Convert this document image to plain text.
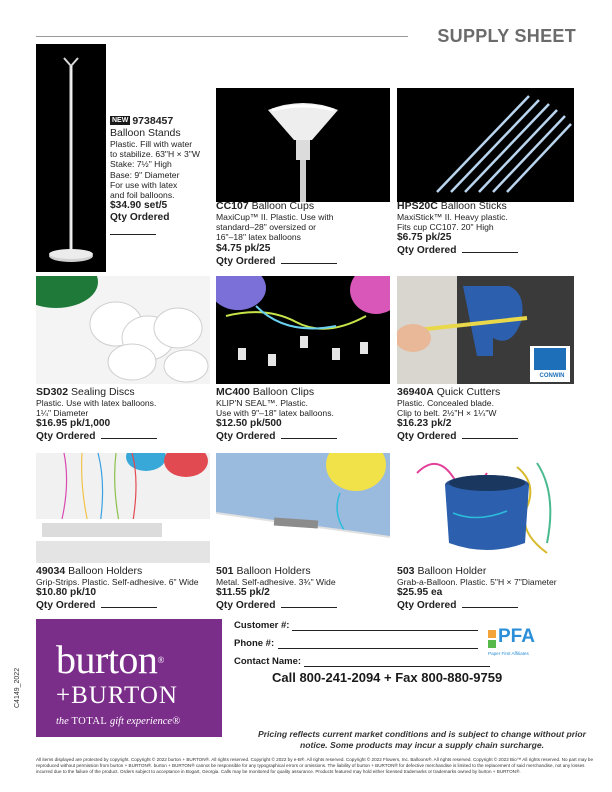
SUPPLY SHEET
CONWIN
NEW 9738457
Balloon Stands
Plastic. Fill with water
to stabilize. 63"H × 3"W
Stake: 7½" High
Base: 9" Diameter
For use with latex
and foil balloons.
$34.90 set/5
Qty Ordered
CC107 Balloon Cups
MaxiCup™ II. Plastic. Use with
standard–28" oversized or
16"–18" latex balloons
$4.75 pk/25
Qty Ordered
HPS20C Balloon Sticks
MaxiStick™ II. Heavy plastic.
Fits cup CC107. 20" High
$6.75 pk/25
Qty Ordered
SD302 Sealing Discs
Plastic. Use with latex balloons.
1¼" Diameter
$16.95 pk/1,000
Qty Ordered
MC400 Balloon Clips
KLIP'N SEAL™. Plastic.
Use with 9"–18" latex balloons.
$12.50 pk/500
Qty Ordered
36940A Quick Cutters
Plastic. Concealed blade.
Clip to belt. 2½"H × 1¼"W
$16.23 pk/2
Qty Ordered
49034 Balloon Holders
Grip-Strips. Plastic. Self-adhesive. 6" Wide
$10.80 pk/10
Qty Ordered
501 Balloon Holders
Metal. Self-adhesive. 3¾" Wide
$11.55 pk/2
Qty Ordered
503 Balloon Holder
Grab-a-Balloon. Plastic. 5"H × 7"Diameter
$25.95 ea
Qty Ordered
burton®
+BURTON
the TOTAL gift experience®
Customer #:
Phone #:
Contact Name:
PFA
Paper First Affiliates
Call 800-241-2094 + Fax 800-880-9759
Pricing reflects current market conditions and is subject to change without prior notice. Some products may incur a supply chain surcharge.
C4149_2022
All items displayed are protected by copyright. Copyright © 2022 burton + BURTON®. All rights reserved. Copyright © 2022 by e-B®. All rights reserved. Copyright © 2022 Flowers, Inc. Balloons®. All rights reserved. Copyright © 2022 Bio™ All rights reserved. No part may be reproduced without permission from burton + BURTON®. burton + BURTON® cannot be responsible for any typographical errors or omissions. The liability of burton + BURTON® for defective merchandise is limited to the replacement of said merchandise, not any losses incurred due to the failure of the product. Orders subject to acceptance in Bogart, Georgia. Calls may be monitored for quality assurance. Products featured may hold either licensed trademarks or trademarks owned by burton + BURTON®.
